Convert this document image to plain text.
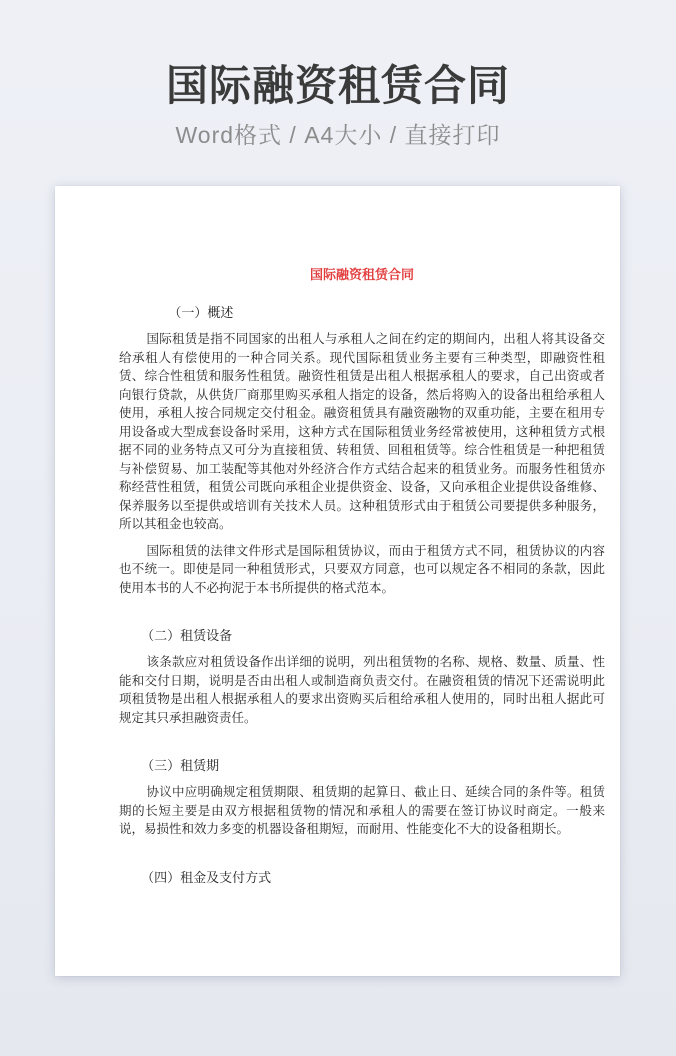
国际融资租赁合同

Word格式 / A4大小 / 直接打印

国际融资租赁合同
（一）概述

国际租赁是指不同国家的出租人与承租人之间在约定的期间内，出租人将其设备交给承租人有偿使用的一种合同关系。现代国际租赁业务主要有三种类型，即融资性租赁、综合性租赁和服务性租赁。融资性租赁是出租人根据承租人的要求，自己出资或者向银行贷款，从供货厂商那里购买承租人指定的设备，然后将购入的设备出租给承租人使用，承租人按合同规定交付租金。融资租赁具有融资融物的双重功能，主要在租用专用设备或大型成套设备时采用，这种方式在国际租赁业务经常被使用，这种租赁方式根据不同的业务特点又可分为直接租赁、转租赁、回租租赁等。综合性租赁是一种把租赁与补偿贸易、加工装配等其他对外经济合作方式结合起来的租赁业务。而服务性租赁亦称经营性租赁，租赁公司既向承租企业提供资金、设备，又向承租企业提供设备维修、保养服务以至提供或培训有关技术人员。这种租赁形式由于租赁公司要提供多种服务，所以其租金也较高。

国际租赁的法律文件形式是国际租赁协议，而由于租赁方式不同，租赁协议的内容也不统一。即使是同一种租赁形式，只要双方同意，也可以规定各不相同的条款，因此使用本书的人不必拘泥于本书所提供的格式范本。

（二）租赁设备

该条款应对租赁设备作出详细的说明，列出租赁物的名称、规格、数量、质量、性能和交付日期，说明是否由出租人或制造商负责交付。在融资租赁的情况下还需说明此项租赁物是出租人根据承租人的要求出资购买后租给承租人使用的，同时出租人据此可规定其只承担融资责任。

（三）租赁期

协议中应明确规定租赁期限、租赁期的起算日、截止日、延续合同的条件等。租赁期的长短主要是由双方根据租赁物的情况和承租人的需要在签订协议时商定。一般来说，易损性和效力多变的机器设备租期短，而耐用、性能变化不大的设备租期长。

（四）租金及支付方式
